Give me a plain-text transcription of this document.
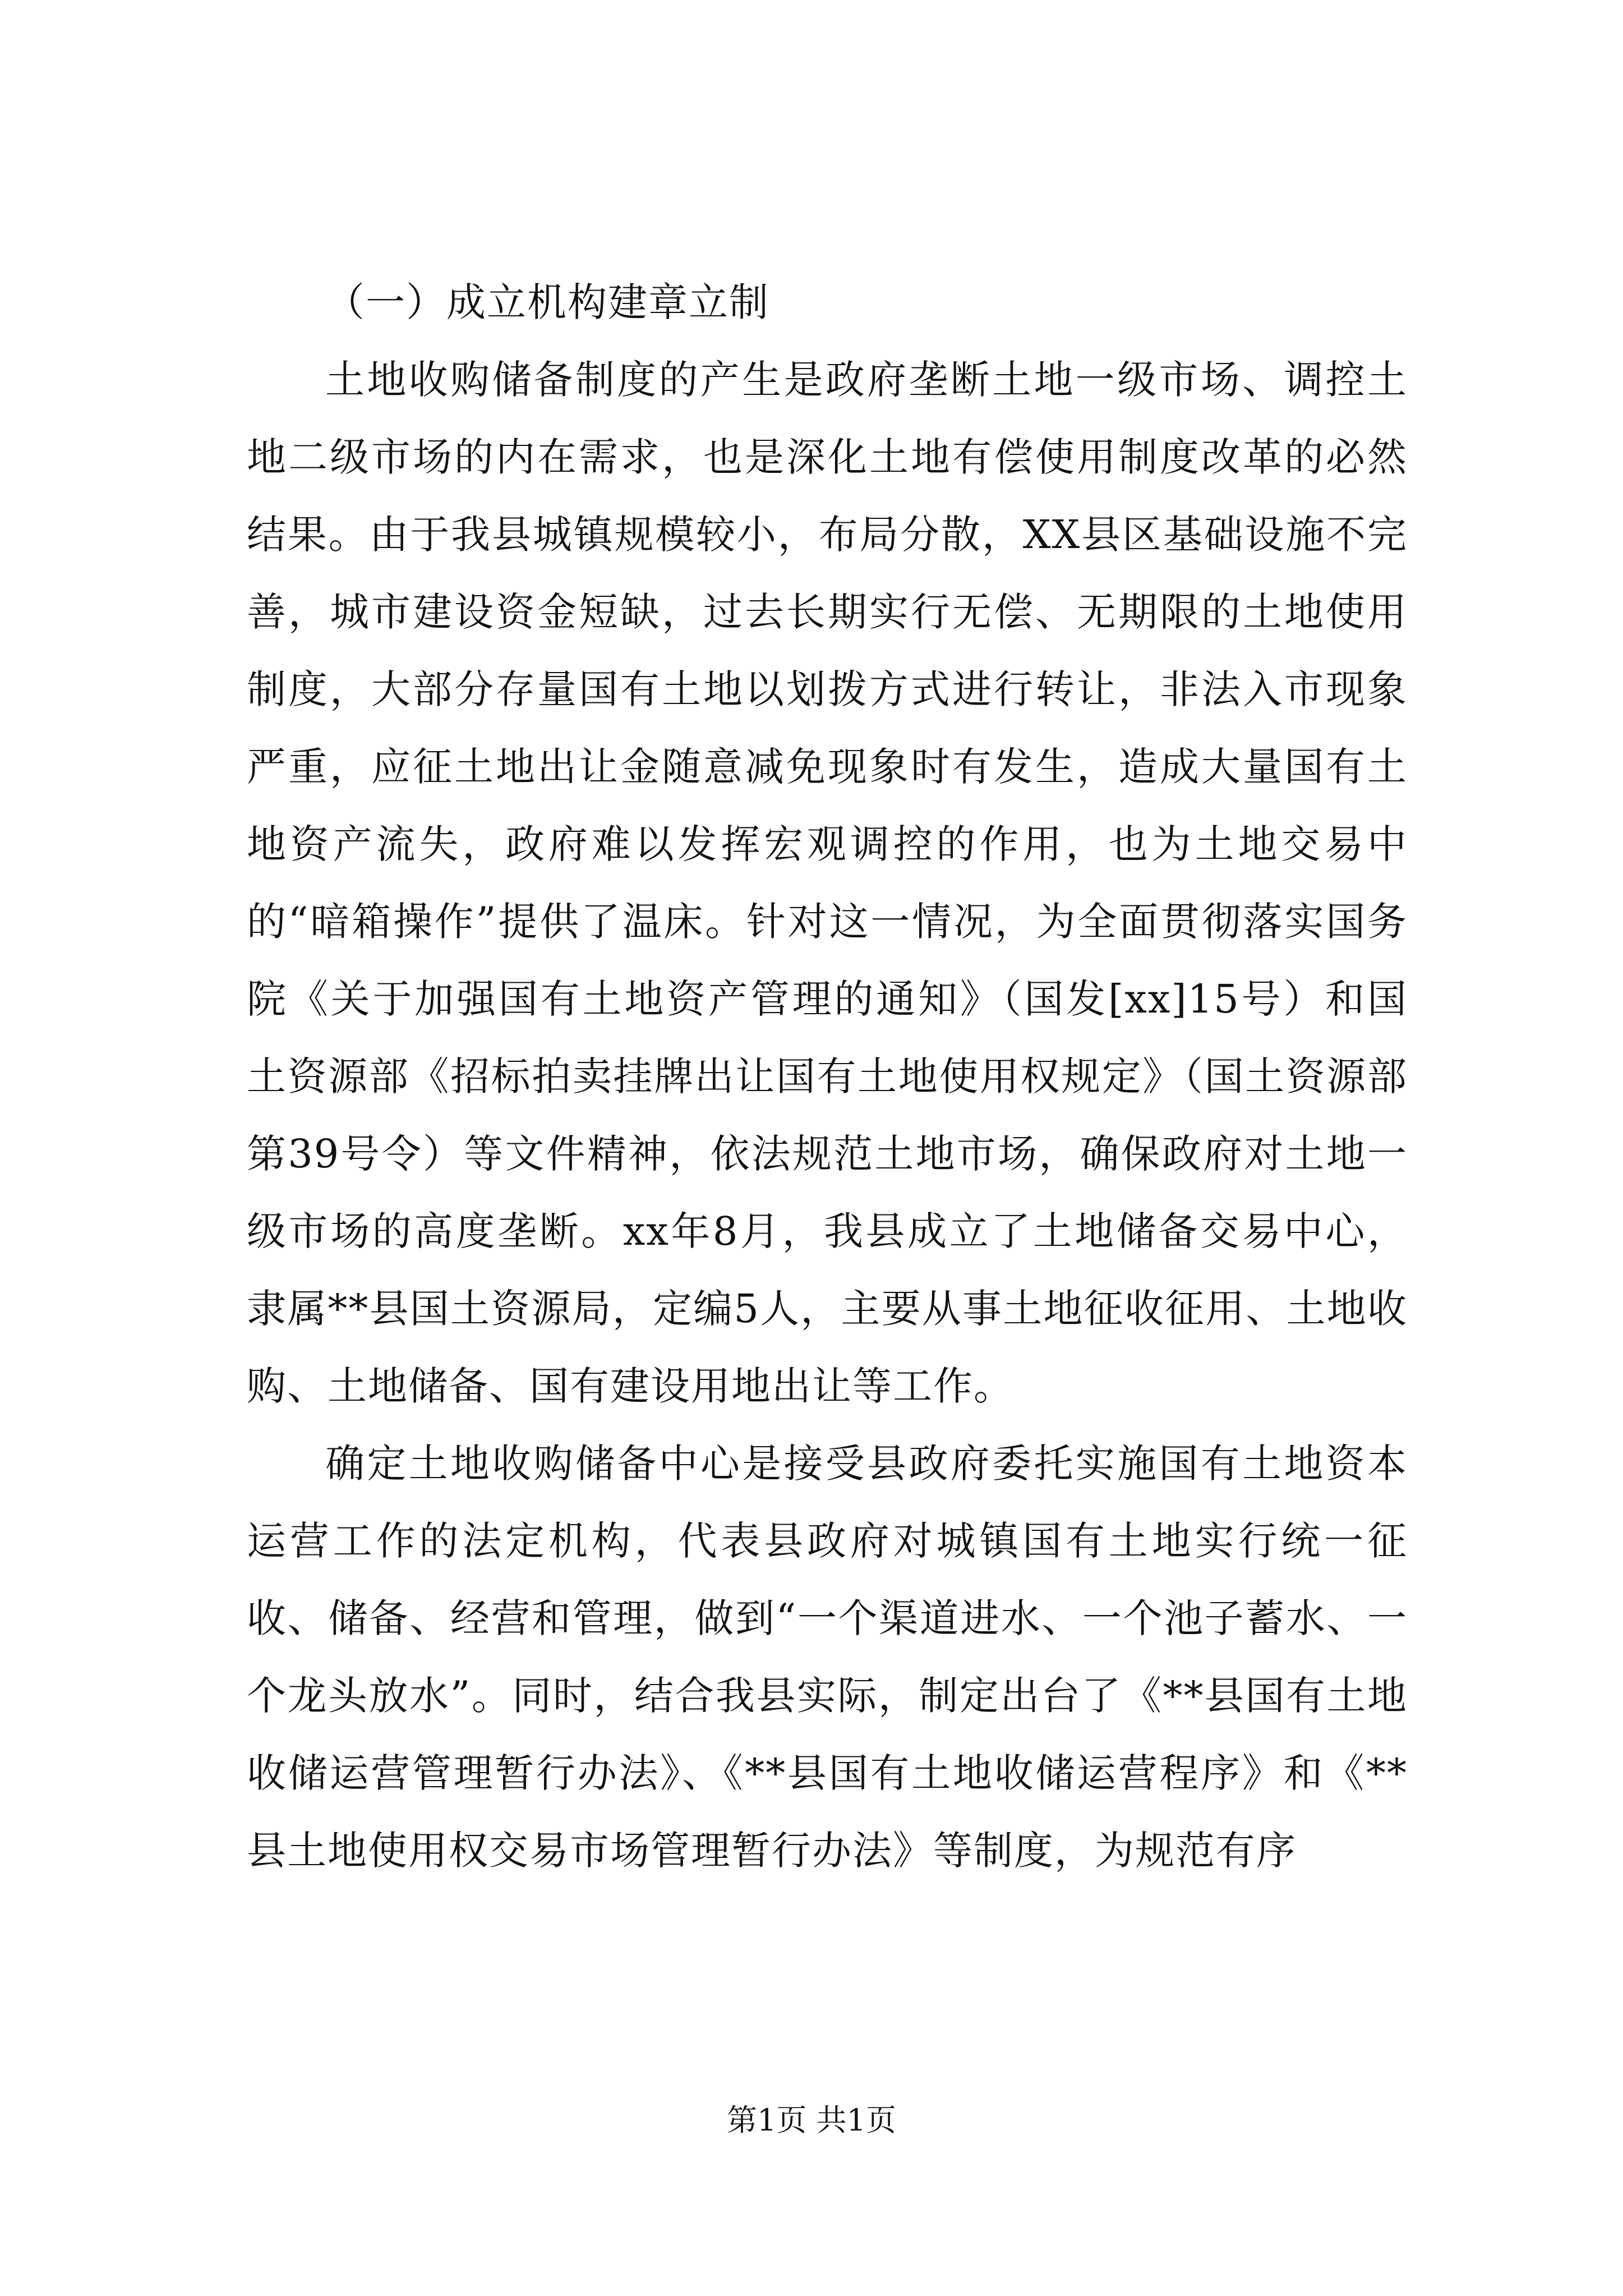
（一）成立机构建章立制

土地收购储备制度的产生是政府垄断土地一级市场、调控土地二级市场的内在需求，也是深化土地有偿使用制度改革的必然结果。由于我县城镇规模较小，布局分散，XX县区基础设施不完善，城市建设资金短缺，过去长期实行无偿、无期限的土地使用制度，大部分存量国有土地以划拨方式进行转让，非法入市现象严重，应征土地出让金随意减免现象时有发生，造成大量国有土地资产流失，政府难以发挥宏观调控的作用，也为土地交易中的“暗箱操作”提供了温床。针对这一情况，为全面贯彻落实国务院《关于加强国有土地资产管理的通知》（国发[xx]15号）和国土资源部《招标拍卖挂牌出让国有土地使用权规定》（国土资源部第39号令）等文件精神，依法规范土地市场，确保政府对土地一级市场的高度垄断。xx年8月，我县成立了土地储备交易中心，隶属**县国土资源局，定编5人，主要从事土地征收征用、土地收购、土地储备、国有建设用地出让等工作。

确定土地收购储备中心是接受县政府委托实施国有土地资本运营工作的法定机构，代表县政府对城镇国有土地实行统一征收、储备、经营和管理，做到“一个渠道进水、一个池子蓄水、一个龙头放水”。同时，结合我县实际，制定出台了《**县国有土地收储运营管理暂行办法》、《**县国有土地收储运营程序》和《**县土地使用权交易市场管理暂行办法》等制度，为规范有序

第1页 共1页
